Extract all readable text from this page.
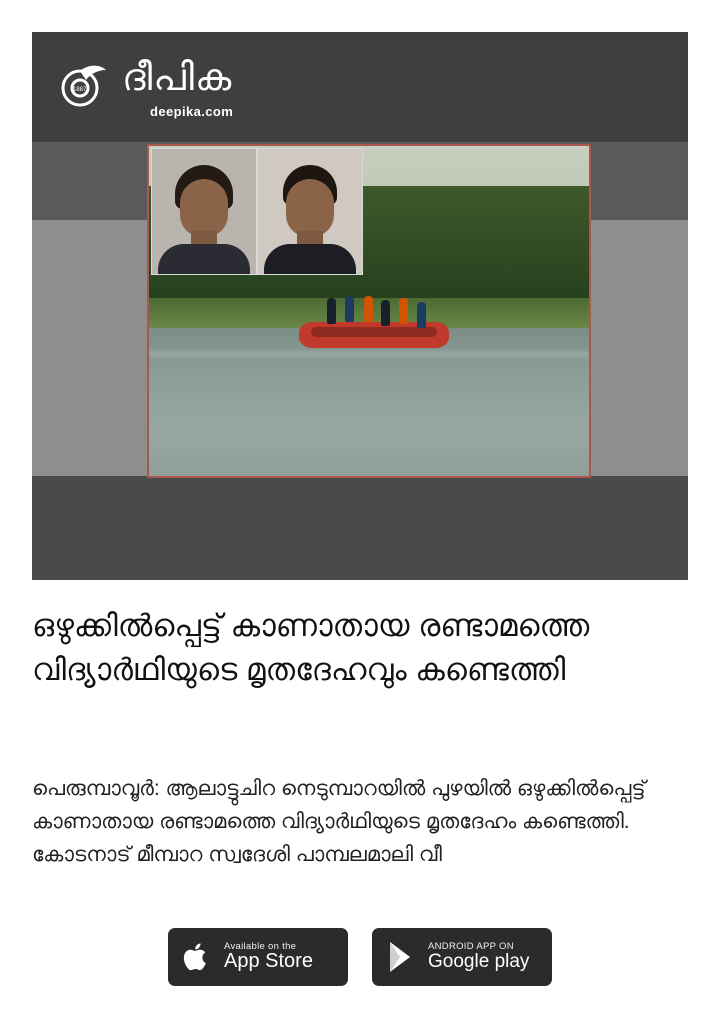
1887 ദീപിക
deepika.com
ഒഴുക്കിൽപ്പെട്ട് കാണാതായ രണ്ടാമത്തെ വിദ്യാർഥിയുടെ മൃതദേഹവും കണ്ടെത്തി
പെരുമ്പാവൂർ: ആലാട്ടുചിറ നെടുമ്പാറയിൽ പുഴയിൽ ഒഴുക്കിൽപ്പെട്ട് കാണാതായ രണ്ടാമത്തെ വിദ്യാർഥിയുടെ മൃതദേഹം കണ്ടെത്തി. കോടനാട് മീമ്പാറ സ്വദേശി പാമ്പലമാലി വീ
Available on the
App Store
ANDROID APP ON
Google play
